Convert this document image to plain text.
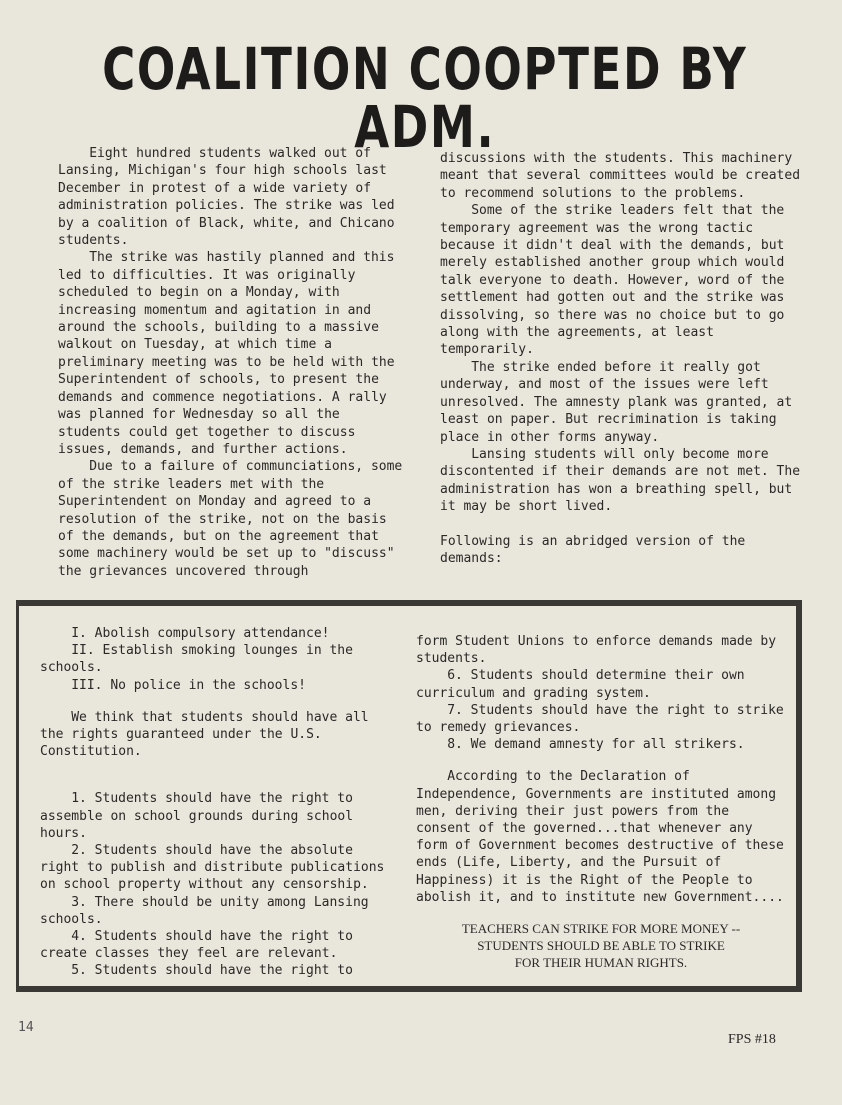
COALITION COOPTED BY ADM.

Eight hundred students walked out of Lansing, Michigan's four high schools last December in protest of a wide variety of administration policies. The strike was led by a coalition of Black, white, and Chicano students.

The strike was hastily planned and this led to difficulties. It was originally scheduled to begin on a Monday, with increasing momentum and agitation in and around the schools, building to a massive walkout on Tuesday, at which time a preliminary meeting was to be held with the Superintendent of schools, to present the demands and commence negotiations. A rally was planned for Wednesday so all the students could get together to discuss issues, demands, and further actions.

Due to a failure of communciations, some of the strike leaders met with the Superintendent on Monday and agreed to a resolution of the strike, not on the basis of the demands, but on the agreement that some machinery would be set up to "discuss" the grievances uncovered through

discussions with the students. This machinery meant that several committees would be created to recommend solutions to the problems.

Some of the strike leaders felt that the temporary agreement was the wrong tactic because it didn't deal with the demands, but merely established another group which would talk everyone to death. However, word of the settlement had gotten out and the strike was dissolving, so there was no choice but to go along with the agreements, at least temporarily.

The strike ended before it really got underway, and most of the issues were left unresolved. The amnesty plank was granted, at least on paper. But recrimination is taking place in other forms anyway.

Lansing students will only become more discontented if their demands are not met. The administration has won a breathing spell, but it may be short lived.

Following is an abridged version of the demands:

I. Abolish compulsory attendance!

II. Establish smoking lounges in the schools.

III. No police in the schools!

We think that students should have all the rights guaranteed under the U.S. Constitution.

1. Students should have the right to assemble on school grounds during school hours.

2. Students should have the absolute right to publish and distribute publications on school property without any censorship.

3. There should be unity among Lansing schools.

4. Students should have the right to create classes they feel are relevant.

5. Students should have the right to

form Student Unions to enforce demands made by students.

6. Students should determine their own curriculum and grading system.

7. Students should have the right to strike to remedy grievances.

8. We demand amnesty for all strikers.

According to the Declaration of Independence, Governments are instituted among men, deriving their just powers from the consent of the governed...that whenever any form of Government becomes destructive of these ends (Life, Liberty, and the Pursuit of Happiness) it is the Right of the People to abolish it, and to institute new Government....

TEACHERS CAN STRIKE FOR MORE MONEY --
STUDENTS SHOULD BE ABLE TO STRIKE
FOR THEIR HUMAN RIGHTS.
14
FPS #18
